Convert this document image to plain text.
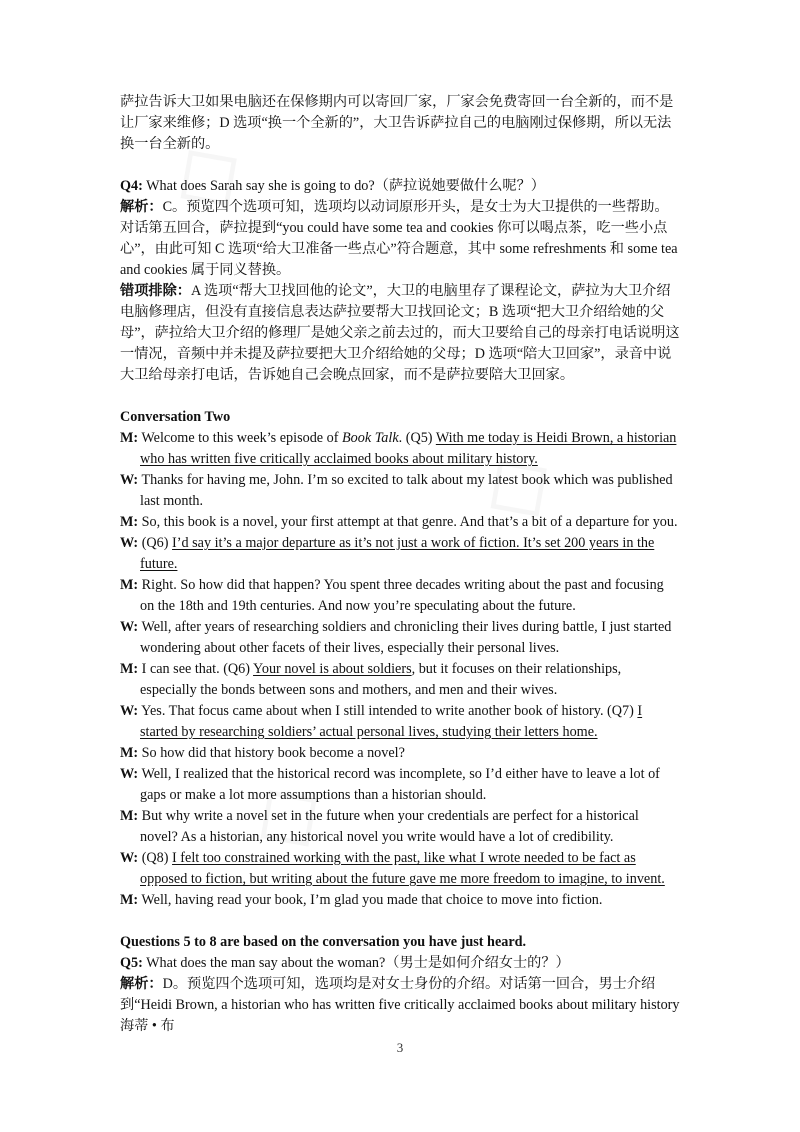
萨拉告诉大卫如果电脑还在保修期内可以寄回厂家，厂家会免费寄回一台全新的，而不是让厂家来维修；D 选项“换一个全新的”，大卫告诉萨拉自己的电脑刚过保修期，所以无法换一台全新的。

Q4: What does Sarah say she is going to do?（萨拉说她要做什么呢？）

解析：C。预览四个选项可知，选项均以动词原形开头，是女士为大卫提供的一些帮助。对话第五回合，萨拉提到“you could have some tea and cookies 你可以喝点茶，吃一些小点心”，由此可知 C 选项“给大卫准备一些点心”符合题意，其中 some refreshments 和 some tea and cookies 属于同义替换。

错项排除：A 选项“帮大卫找回他的论文”，大卫的电脑里存了课程论文，萨拉为大卫介绍电脑修理店，但没有直接信息表达萨拉要帮大卫找回论文；B 选项“把大卫介绍给她的父母”，萨拉给大卫介绍的修理厂是她父亲之前去过的，而大卫要给自己的母亲打电话说明这一情况，音频中并未提及萨拉要把大卫介绍给她的父母；D 选项“陪大卫回家”，录音中说大卫给母亲打电话，告诉她自己会晚点回家，而不是萨拉要陪大卫回家。

Conversation Two

M: Welcome to this week’s episode of Book Talk. (Q5) With me today is Heidi Brown, a historian who has written five critically acclaimed books about military history.

W: Thanks for having me, John. I’m so excited to talk about my latest book which was published last month.

M: So, this book is a novel, your first attempt at that genre. And that’s a bit of a departure for you.

W: (Q6) I’d say it’s a major departure as it’s not just a work of fiction. It’s set 200 years in the future.

M: Right. So how did that happen? You spent three decades writing about the past and focusing on the 18th and 19th centuries. And now you’re speculating about the future.

W: Well, after years of researching soldiers and chronicling their lives during battle, I just started wondering about other facets of their lives, especially their personal lives.

M: I can see that. (Q6) Your novel is about soldiers, but it focuses on their relationships, especially the bonds between sons and mothers, and men and their wives.

W: Yes. That focus came about when I still intended to write another book of history. (Q7) I started by researching soldiers’ actual personal lives, studying their letters home.

M: So how did that history book become a novel?

W: Well, I realized that the historical record was incomplete, so I’d either have to leave a lot of gaps or make a lot more assumptions than a historian should.

M: But why write a novel set in the future when your credentials are perfect for a historical novel? As a historian, any historical novel you write would have a lot of credibility.

W: (Q8) I felt too constrained working with the past, like what I wrote needed to be fact as opposed to fiction, but writing about the future gave me more freedom to imagine, to invent.

M: Well, having read your book, I’m glad you made that choice to move into fiction.

Questions 5 to 8 are based on the conversation you have just heard.

Q5: What does the man say about the woman?（男士是如何介绍女士的？）

解析：D。预览四个选项可知，选项均是对女士身份的介绍。对话第一回合，男士介绍到“Heidi Brown, a historian who has written five critically acclaimed books about military history 海蒂 • 布

3
